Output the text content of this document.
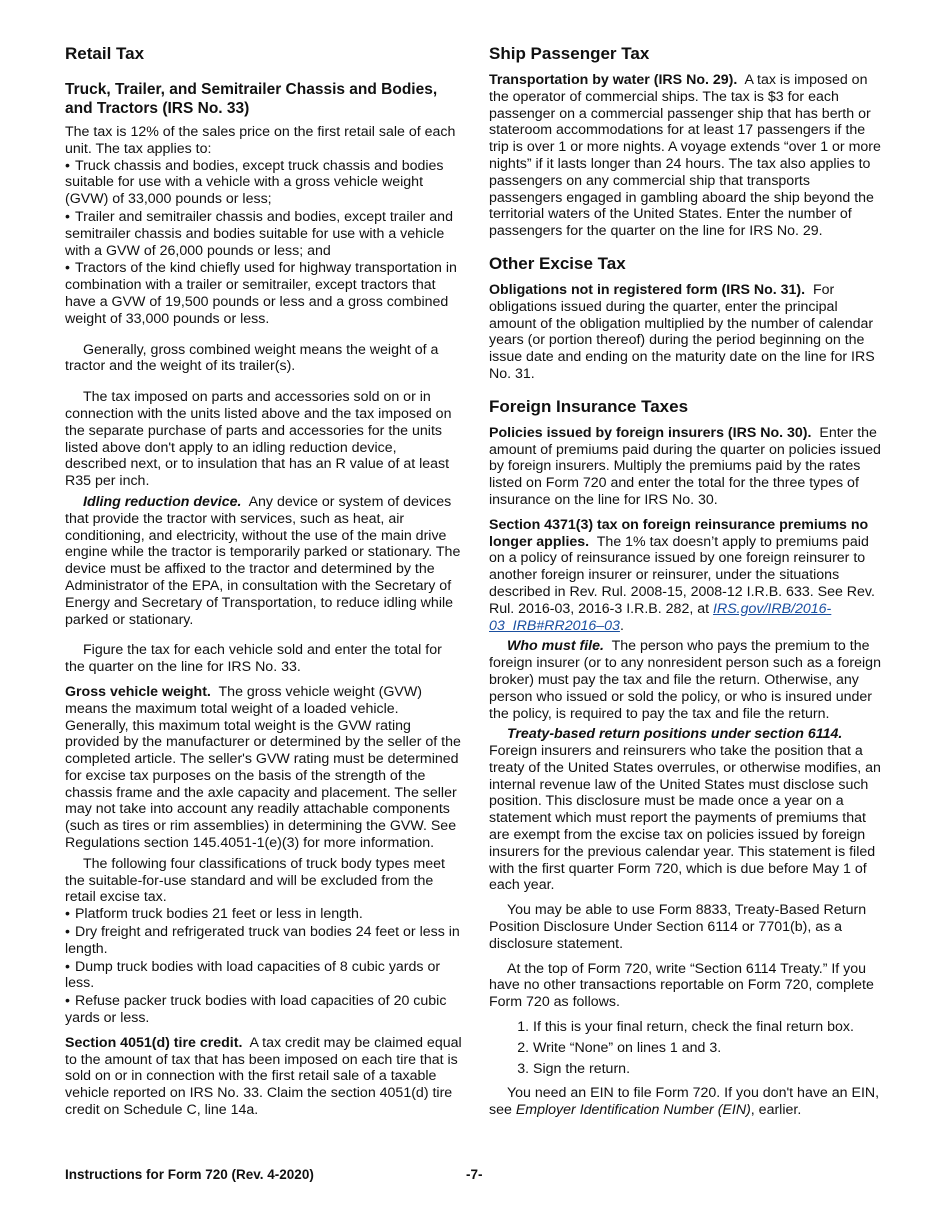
Retail Tax
Truck, Trailer, and Semitrailer Chassis and Bodies, and Tractors (IRS No. 33)

The tax is 12% of the sales price on the first retail sale of each unit. The tax applies to:

• Truck chassis and bodies, except truck chassis and bodies suitable for use with a vehicle with a gross vehicle weight (GVW) of 33,000 pounds or less;
• Trailer and semitrailer chassis and bodies, except trailer and semitrailer chassis and bodies suitable for use with a vehicle with a GVW of 26,000 pounds or less; and
• Tractors of the kind chiefly used for highway transportation in combination with a trailer or semitrailer, except tractors that have a GVW of 19,500 pounds or less and a gross combined weight of 33,000 pounds or less.

Generally, gross combined weight means the weight of a tractor and the weight of its trailer(s).

The tax imposed on parts and accessories sold on or in connection with the units listed above and the tax imposed on the separate purchase of parts and accessories for the units listed above don't apply to an idling reduction device, described next, or to insulation that has an R value of at least R35 per inch.

Idling reduction device. Any device or system of devices that provide the tractor with services, such as heat, air conditioning, and electricity, without the use of the main drive engine while the tractor is temporarily parked or stationary. The device must be affixed to the tractor and determined by the Administrator of the EPA, in consultation with the Secretary of Energy and Secretary of Transportation, to reduce idling while parked or stationary.

Figure the tax for each vehicle sold and enter the total for the quarter on the line for IRS No. 33.

Gross vehicle weight. The gross vehicle weight (GVW) means the maximum total weight of a loaded vehicle. Generally, this maximum total weight is the GVW rating provided by the manufacturer or determined by the seller of the completed article. The seller's GVW rating must be determined for excise tax purposes on the basis of the strength of the chassis frame and the axle capacity and placement. The seller may not take into account any readily attachable components (such as tires or rim assemblies) in determining the GVW. See Regulations section 145.4051-1(e)(3) for more information.

The following four classifications of truck body types meet the suitable-for-use standard and will be excluded from the retail excise tax.

• Platform truck bodies 21 feet or less in length.
• Dry freight and refrigerated truck van bodies 24 feet or less in length.
• Dump truck bodies with load capacities of 8 cubic yards or less.
• Refuse packer truck bodies with load capacities of 20 cubic yards or less.

Section 4051(d) tire credit. A tax credit may be claimed equal to the amount of tax that has been imposed on each tire that is sold on or in connection with the first retail sale of a taxable vehicle reported on IRS No. 33. Claim the section 4051(d) tire credit on Schedule C, line 14a.

Ship Passenger Tax

Transportation by water (IRS No. 29). A tax is imposed on the operator of commercial ships. The tax is $3 for each passenger on a commercial passenger ship that has berth or stateroom accommodations for at least 17 passengers if the trip is over 1 or more nights. A voyage extends “over 1 or more nights” if it lasts longer than 24 hours. The tax also applies to passengers on any commercial ship that transports passengers engaged in gambling aboard the ship beyond the territorial waters of the United States. Enter the number of passengers for the quarter on the line for IRS No. 29.

Other Excise Tax

Obligations not in registered form (IRS No. 31). For obligations issued during the quarter, enter the principal amount of the obligation multiplied by the number of calendar years (or portion thereof) during the period beginning on the issue date and ending on the maturity date on the line for IRS No. 31.

Foreign Insurance Taxes

Policies issued by foreign insurers (IRS No. 30). Enter the amount of premiums paid during the quarter on policies issued by foreign insurers. Multiply the premiums paid by the rates listed on Form 720 and enter the total for the three types of insurance on the line for IRS No. 30.

Section 4371(3) tax on foreign reinsurance premiums no longer applies. The 1% tax doesn’t apply to premiums paid on a policy of reinsurance issued by one foreign reinsurer to another foreign insurer or reinsurer, under the situations described in Rev. Rul. 2008-15, 2008-12 I.R.B. 633. See Rev. Rul. 2016-03, 2016-3 I.R.B. 282, at IRS.gov/IRB/2016-03_IRB#RR2016–03.

Who must file. The person who pays the premium to the foreign insurer (or to any nonresident person such as a foreign broker) must pay the tax and file the return. Otherwise, any person who issued or sold the policy, or who is insured under the policy, is required to pay the tax and file the return.

Treaty-based return positions under section 6114. Foreign insurers and reinsurers who take the position that a treaty of the United States overrules, or otherwise modifies, an internal revenue law of the United States must disclose such position. This disclosure must be made once a year on a statement which must report the payments of premiums that are exempt from the excise tax on policies issued by foreign insurers for the previous calendar year. This statement is filed with the first quarter Form 720, which is due before May 1 of each year.

You may be able to use Form 8833, Treaty-Based Return Position Disclosure Under Section 6114 or 7701(b), as a disclosure statement.

At the top of Form 720, write “Section 6114 Treaty.” If you have no other transactions reportable on Form 720, complete Form 720 as follows.

1. If this is your final return, check the final return box.
2. Write “None” on lines 1 and 3.
3. Sign the return.

You need an EIN to file Form 720. If you don't have an EIN, see Employer Identification Number (EIN), earlier.

Instructions for Form 720 (Rev. 4-2020)	-7-
